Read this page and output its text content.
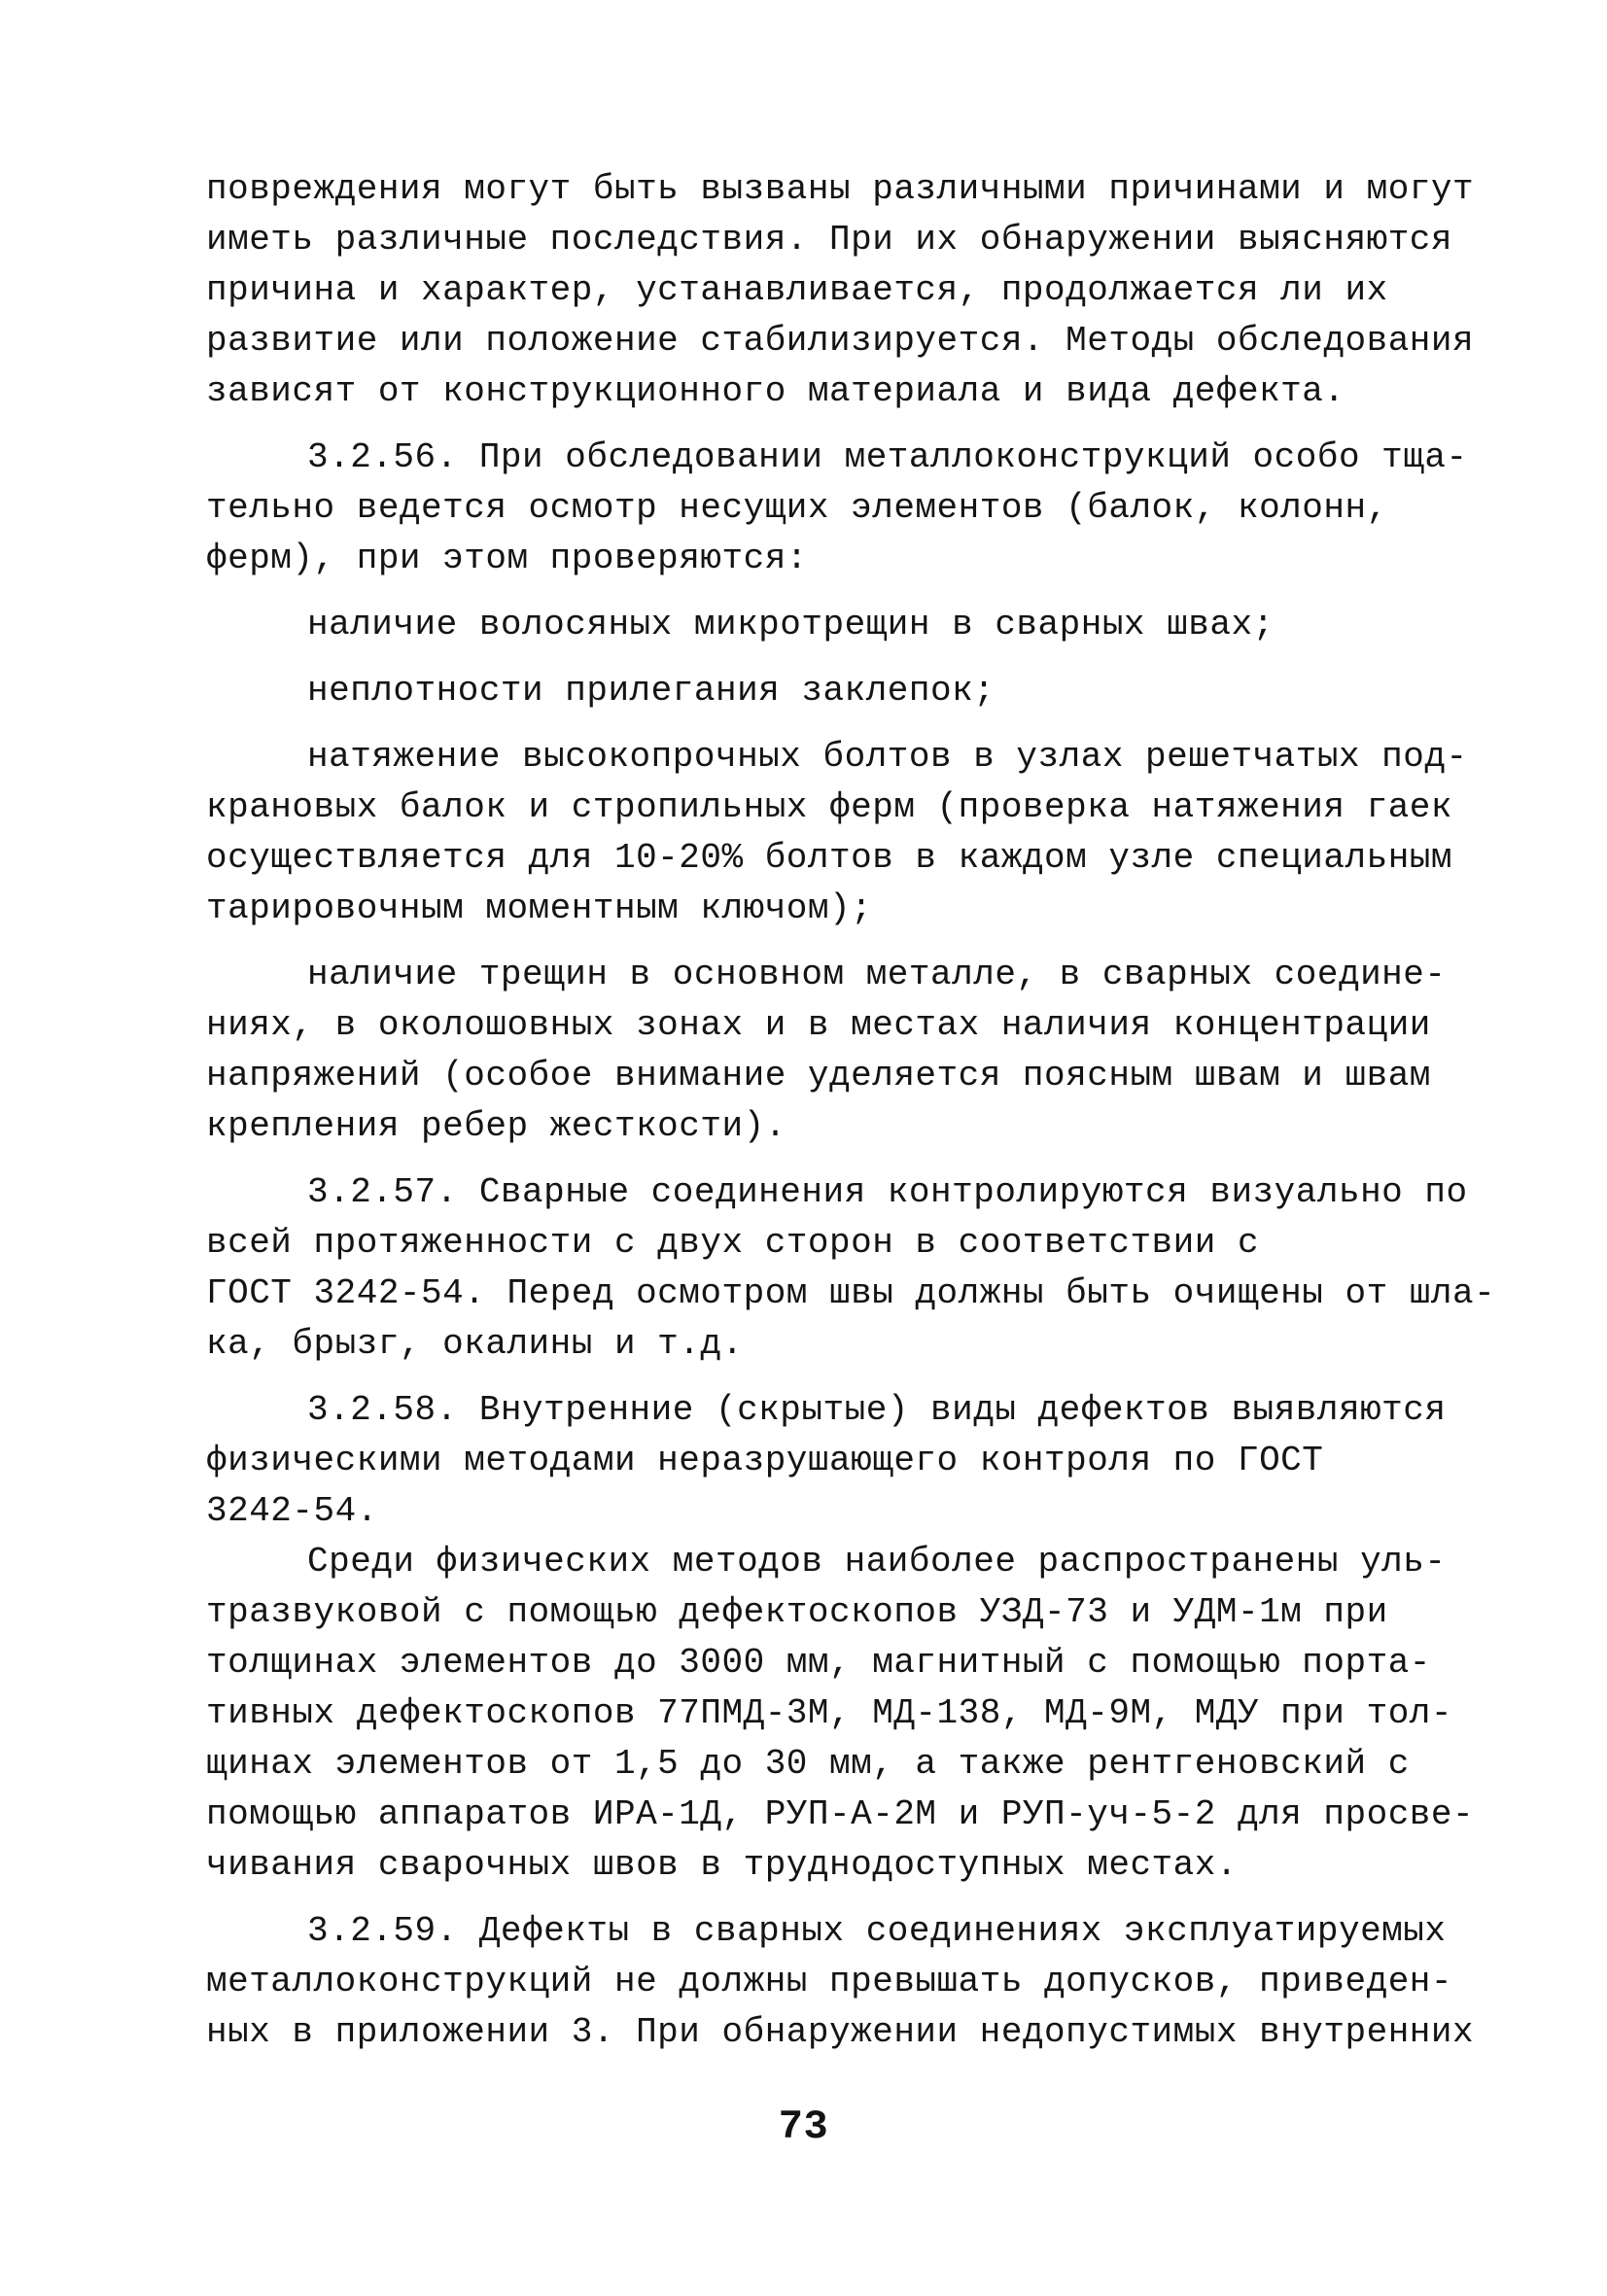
повреждения могут быть вызваны различными причинами и могут
иметь различные последствия. При их обнаружении выясняются
причина и характер, устанавливается, продолжается ли их
развитие или положение стабилизируется. Методы обследования
зависят от конструкционного материала и вида дефекта.
3.2.56. При обследовании металлоконструкций особо тща-
тельно ведется осмотр несущих элементов (балок, колонн,
ферм), при этом проверяются:
наличие волосяных микротрещин в сварных швах;
неплотности прилегания заклепок;
натяжение высокопрочных болтов в узлах решетчатых под-
крановых балок и стропильных ферм (проверка натяжения гаек
осуществляется для 10-20% болтов в каждом узле специальным
тарировочным моментным ключом);
наличие трещин в основном металле, в сварных соедине-
ниях, в околошовных зонах и в местах наличия концентрации
напряжений (особое внимание уделяется поясным швам и швам
крепления ребер жесткости).
3.2.57. Сварные соединения контролируются визуально по
всей протяженности с двух сторон в соответствии с
ГОСТ 3242-54. Перед осмотром швы должны быть очищены от шла-
ка, брызг, окалины и т.д.
3.2.58. Внутренние (скрытые) виды дефектов выявляются
физическими методами неразрушающего контроля по ГОСТ
3242-54.
Среди физических методов наиболее распространены уль-
тразвуковой с помощью дефектоскопов УЗД-73 и УДМ-1м при
толщинах элементов до 3000 мм, магнитный с помощью порта-
тивных дефектоскопов 77ПМД-3М, МД-138, МД-9М, МДУ при тол-
щинах элементов от 1,5 до 30 мм, а также рентгеновский с
помощью аппаратов ИРА-1Д, РУП-А-2М и РУП-уч-5-2 для просве-
чивания сварочных швов в труднодоступных местах.
3.2.59. Дефекты в сварных соединениях эксплуатируемых
металлоконструкций не должны превышать допусков, приведен-
ных в приложении 3. При обнаружении недопустимых внутренних
73
